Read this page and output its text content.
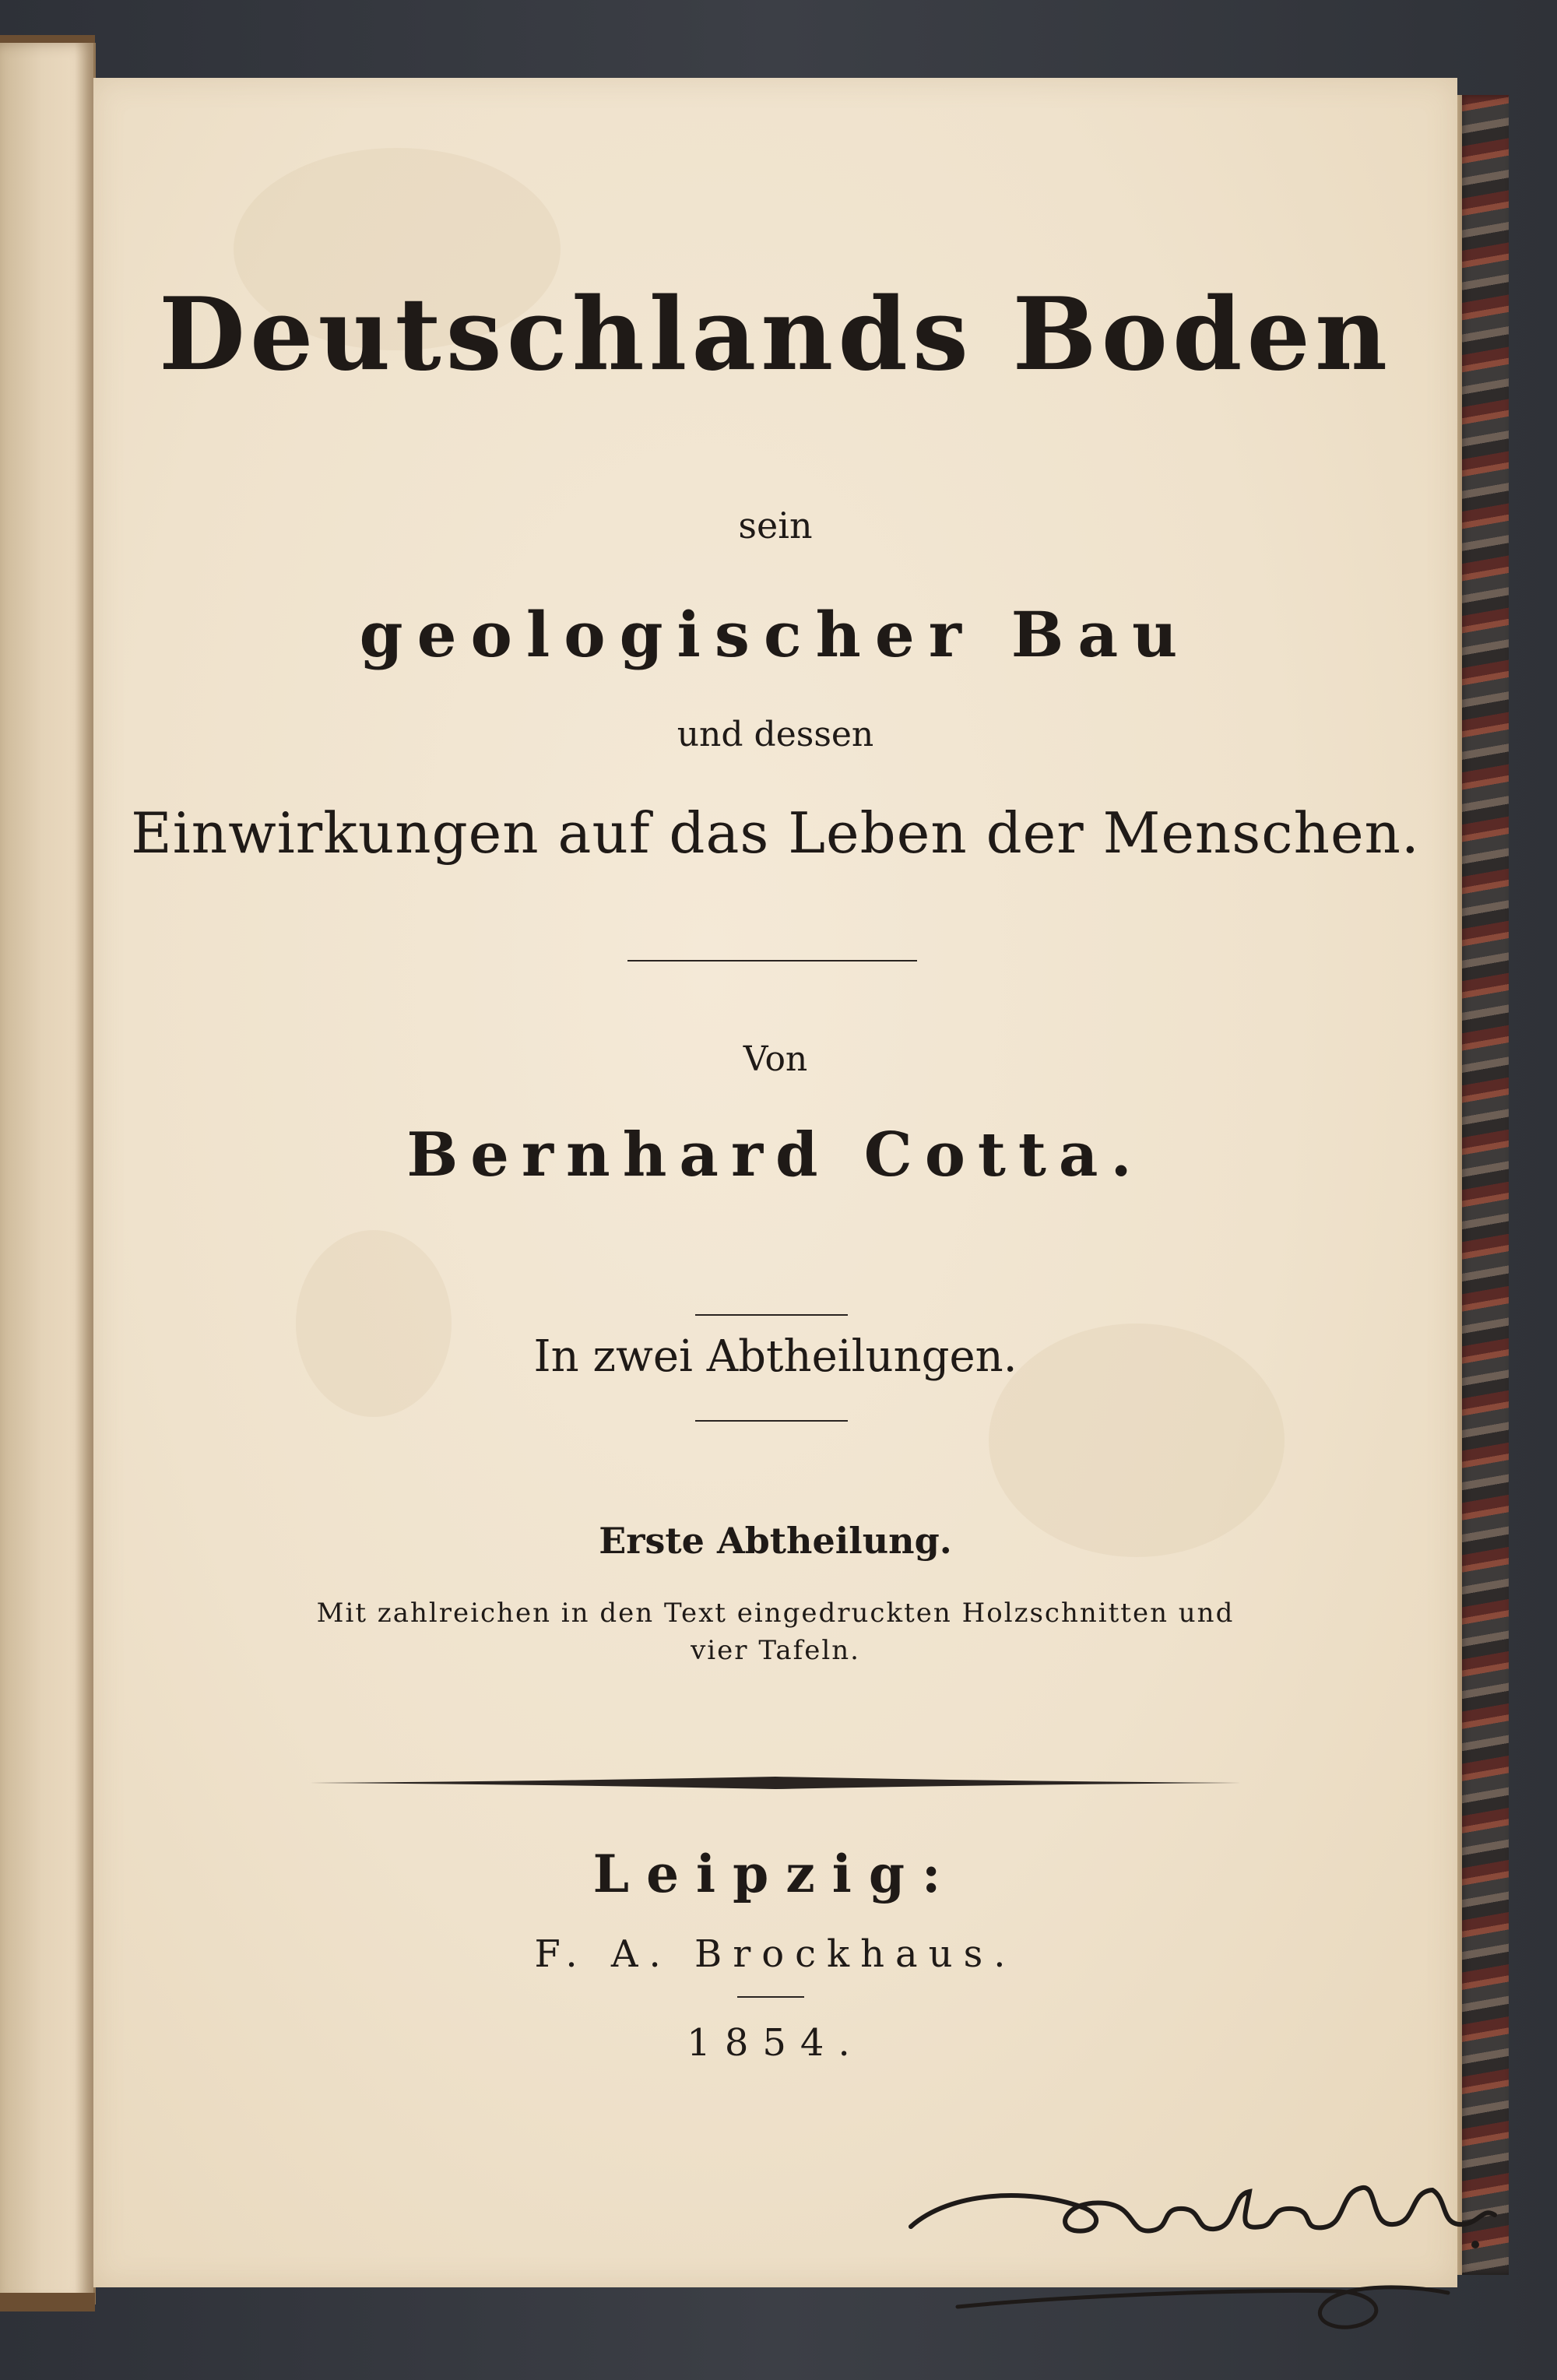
Deutschlands Boden
sein
geologischer Bau
und dessen
Einwirkungen auf das Leben der Menschen.
Von
Bernhard Cotta.
In zwei Abtheilungen.
Erste Abtheilung.
Mit zahlreichen in den Text eingedruckten Holzschnitten und
vier Tafeln.
Leipzig:
F. A. Brockhaus.
1854.
